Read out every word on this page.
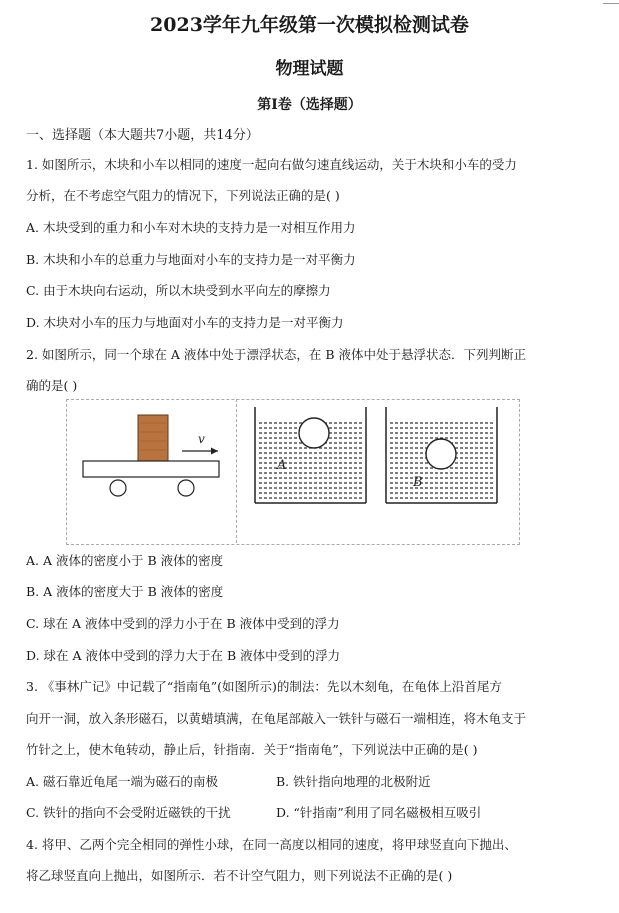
2023学年九年级第一次模拟检测试卷
物理试题
第Ⅰ卷（选择题）
一、选择题（本大题共7小题，共14分）
1. 如图所示，木块和小车以相同的速度一起向右做匀速直线运动，关于木块和小车的受力
分析，在不考虑空气阻力的情况下，下列说法正确的是( )
A. 木块受到的重力和小车对木块的支持力是一对相互作用力
B. 木块和小车的总重力与地面对小车的支持力是一对平衡力
C. 由于木块向右运动，所以木块受到水平向左的摩擦力
D. 木块对小车的压力与地面对小车的支持力是一对平衡力
2. 如图所示，同一个球在 A 液体中处于漂浮状态，在 B 液体中处于悬浮状态．下列判断正
确的是( )
v
A
B
A. A 液体的密度小于 B 液体的密度
B. A 液体的密度大于 B 液体的密度
C. 球在 A 液体中受到的浮力小于在 B 液体中受到的浮力
D. 球在 A 液体中受到的浮力大于在 B 液体中受到的浮力
3. 《事林广记》中记载了“指南龟”(如图所示)的制法：先以木刻龟，在龟体上沿首尾方
向开一洞，放入条形磁石，以黄蜡填满，在龟尾部敲入一铁针与磁石一端相连，将木龟支于
竹针之上，使木龟转动，静止后，针指南．关于“指南龟”，下列说法中正确的是( )
A. 磁石靠近龟尾一端为磁石的南极	B. 铁针指向地理的北极附近
C. 铁针的指向不会受附近磁铁的干扰	D. “针指南”利用了同名磁极相互吸引
4. 将甲、乙两个完全相同的弹性小球，在同一高度以相同的速度，将甲球竖直向下抛出、
将乙球竖直向上抛出，如图所示．若不计空气阻力，则下列说法不正确的是( )
